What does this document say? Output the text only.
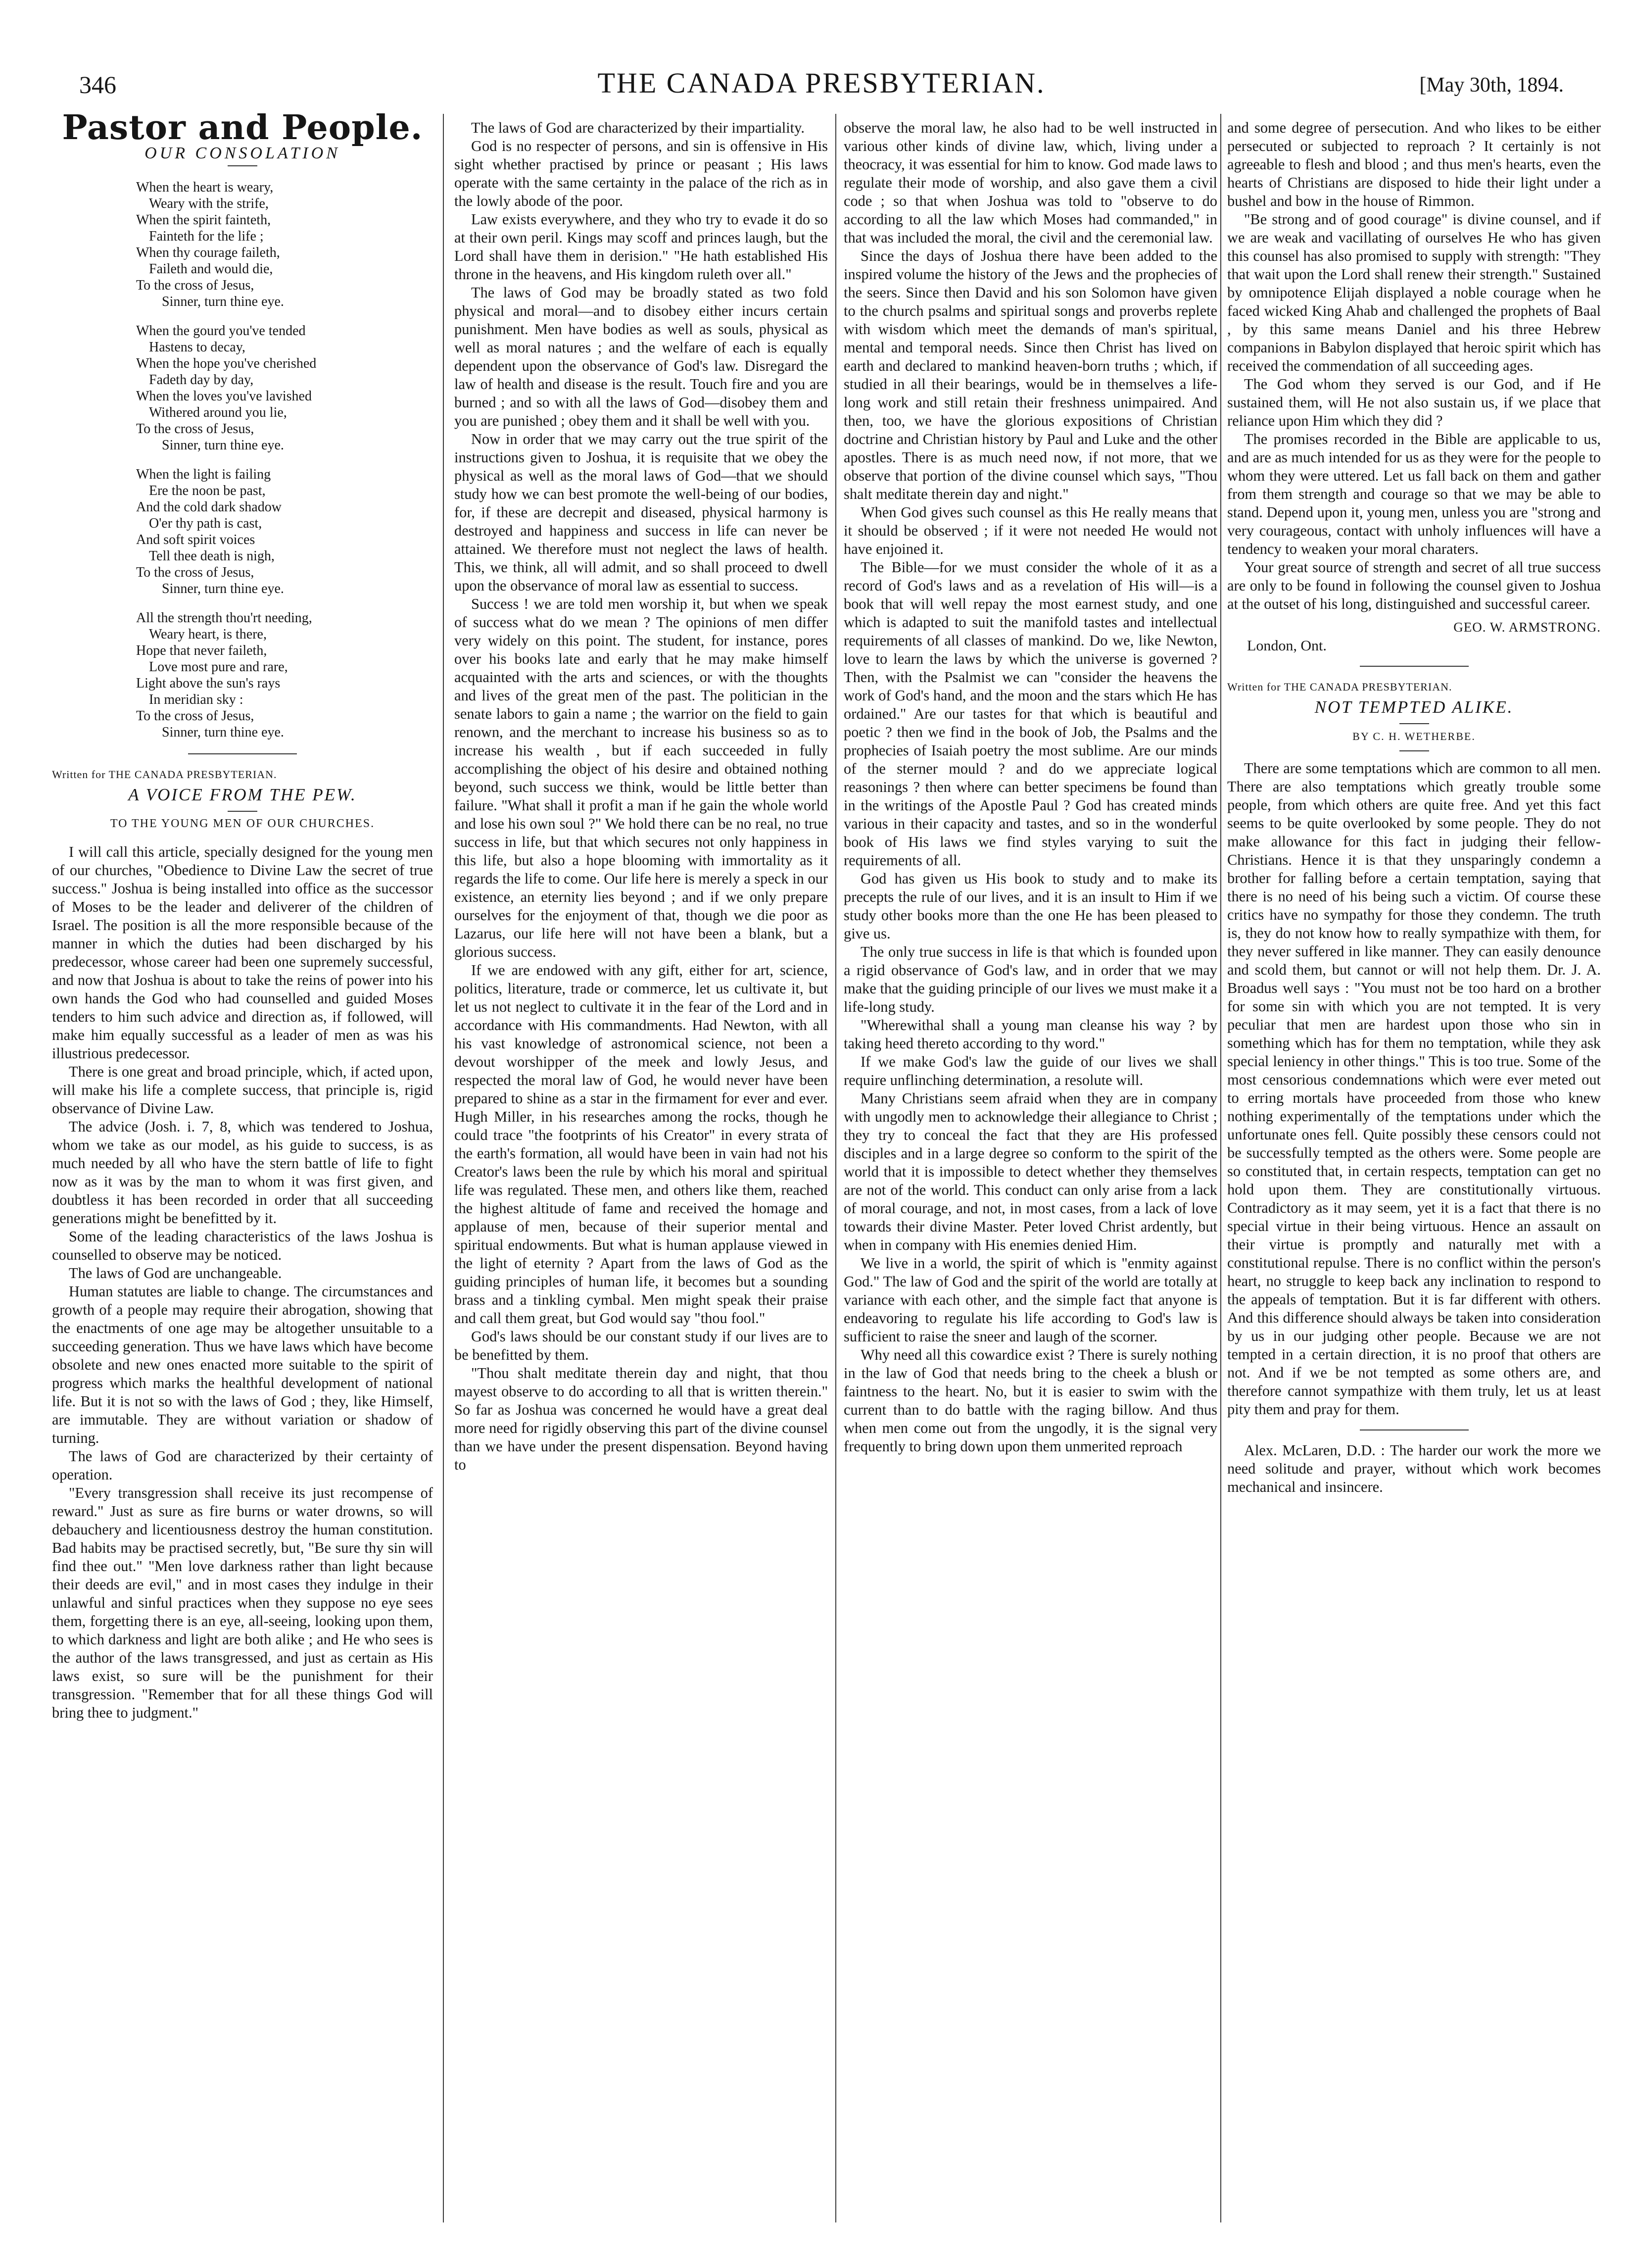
346	THE CANADA PRESBYTERIAN.	[May 30th, 1894.
Pastor and People.
OUR CONSOLATION
When the heart is weary,
Weary with the strife,
When the spirit fainteth,
Fainteth for the life ;
When thy courage faileth,
Faileth and would die,
To the cross of Jesus,
Sinner, turn thine eye.
When the gourd you've tended
Hastens to decay,
When the hope you've cherished
Fadeth day by day,
When the loves you've lavished
Withered around you lie,
To the cross of Jesus,
Sinner, turn thine eye.
When the light is failing
Ere the noon be past,
And the cold dark shadow
O'er thy path is cast,
And soft spirit voices
Tell thee death is nigh,
To the cross of Jesus,
Sinner, turn thine eye.
All the strength thou'rt needing,
Weary heart, is there,
Hope that never faileth,
Love most pure and rare,
Light above the sun's rays
In meridian sky :
To the cross of Jesus,
Sinner, turn thine eye.
Written for THE CANADA PRESBYTERIAN.
A VOICE FROM THE PEW.
TO THE YOUNG MEN OF OUR CHURCHES.

I will call this article, specially designed for the young men of our churches, "Obedience to Divine Law the secret of true success." Joshua is being installed into office as the successor of Moses to be the leader and deliverer of the children of Israel. The position is all the more responsible because of the manner in which the duties had been discharged by his predecessor, whose career had been one supremely successful, and now that Joshua is about to take the reins of power into his own hands the God who had counselled and guided Moses tenders to him such advice and direction as, if followed, will make him equally successful as a leader of men as was his illustrious predecessor.

There is one great and broad principle, which, if acted upon, will make his life a complete success, that principle is, rigid observance of Divine Law.

The advice (Josh. i. 7, 8, which was tendered to Joshua, whom we take as our model, as his guide to success, is as much needed by all who have the stern battle of life to fight now as it was by the man to whom it was first given, and doubtless it has been recorded in order that all succeeding generations might be benefitted by it.

Some of the leading characteristics of the laws Joshua is counselled to observe may be noticed.

The laws of God are unchangeable.

Human statutes are liable to change. The circumstances and growth of a people may require their abrogation, showing that the enactments of one age may be altogether unsuitable to a succeeding generation. Thus we have laws which have become obsolete and new ones enacted more suitable to the spirit of progress which marks the healthful development of national life. But it is not so with the laws of God ; they, like Himself, are immutable. They are without variation or shadow of turning.

The laws of God are characterized by their certainty of operation.

"Every transgression shall receive its just recompense of reward." Just as sure as fire burns or water drowns, so will debauchery and licentiousness destroy the human constitution. Bad habits may be practised secretly, but, "Be sure thy sin will find thee out." "Men love darkness rather than light because their deeds are evil," and in most cases they indulge in their unlawful and sinful practices when they suppose no eye sees them, forgetting there is an eye, all-seeing, looking upon them, to which darkness and light are both alike ; and He who sees is the author of the laws transgressed, and just as certain as His laws exist, so sure will be the punishment for their transgression. "Remember that for all these things God will bring thee to judgment."

The laws of God are characterized by their impartiality.

God is no respecter of persons, and sin is offensive in His sight whether practised by prince or peasant ; His laws operate with the same certainty in the palace of the rich as in the lowly abode of the poor.

Law exists everywhere, and they who try to evade it do so at their own peril. Kings may scoff and princes laugh, but the Lord shall have them in derision." "He hath established His throne in the heavens, and His kingdom ruleth over all."

The laws of God may be broadly stated as two fold physical and moral—and to disobey either incurs certain punishment. Men have bodies as well as souls, physical as well as moral natures ; and the welfare of each is equally dependent upon the observance of God's law. Disregard the law of health and disease is the result. Touch fire and you are burned ; and so with all the laws of God—disobey them and you are punished ; obey them and it shall be well with you.

Now in order that we may carry out the true spirit of the instructions given to Joshua, it is requisite that we obey the physical as well as the moral laws of God—that we should study how we can best promote the well-being of our bodies, for, if these are decrepit and diseased, physical harmony is destroyed and happiness and success in life can never be attained. We therefore must not neglect the laws of health. This, we think, all will admit, and so shall proceed to dwell upon the observance of moral law as essential to success.

Success ! we are told men worship it, but when we speak of success what do we mean ? The opinions of men differ very widely on this point. The student, for instance, pores over his books late and early that he may make himself acquainted with the arts and sciences, or with the thoughts and lives of the great men of the past. The politician in the senate labors to gain a name ; the warrior on the field to gain renown, and the merchant to increase his business so as to increase his wealth , but if each succeeded in fully accomplishing the object of his desire and obtained nothing beyond, such success we think, would be little better than failure. "What shall it profit a man if he gain the whole world and lose his own soul ?" We hold there can be no real, no true success in life, but that which secures not only happiness in this life, but also a hope blooming with immortality as it regards the life to come. Our life here is merely a speck in our existence, an eternity lies beyond ; and if we only prepare ourselves for the enjoyment of that, though we die poor as Lazarus, our life here will not have been a blank, but a glorious success.

If we are endowed with any gift, either for art, science, politics, literature, trade or commerce, let us cultivate it, but let us not neglect to cultivate it in the fear of the Lord and in accordance with His commandments. Had Newton, with all his vast knowledge of astronomical science, not been a devout worshipper of the meek and lowly Jesus, and respected the moral law of God, he would never have been prepared to shine as a star in the firmament for ever and ever. Hugh Miller, in his researches among the rocks, though he could trace "the footprints of his Creator" in every strata of the earth's formation, all would have been in vain had not his Creator's laws been the rule by which his moral and spiritual life was regulated. These men, and others like them, reached the highest altitude of fame and received the homage and applause of men, because of their superior mental and spiritual endowments. But what is human applause viewed in the light of eternity ? Apart from the laws of God as the guiding principles of human life, it becomes but a sounding brass and a tinkling cymbal. Men might speak their praise and call them great, but God would say "thou fool."

God's laws should be our constant study if our lives are to be benefitted by them.

"Thou shalt meditate therein day and night, that thou mayest observe to do according to all that is written therein." So far as Joshua was concerned he would have a great deal more need for rigidly observing this part of the divine counsel than we have under the present dispensation. Beyond having to

observe the moral law, he also had to be well instructed in various other kinds of divine law, which, living under a theocracy, it was essential for him to know. God made laws to regulate their mode of worship, and also gave them a civil code ; so that when Joshua was told to "observe to do according to all the law which Moses had commanded," in that was included the moral, the civil and the ceremonial law.

Since the days of Joshua there have been added to the inspired volume the history of the Jews and the prophecies of the seers. Since then David and his son Solomon have given to the church psalms and spiritual songs and proverbs replete with wisdom which meet the demands of man's spiritual, mental and temporal needs. Since then Christ has lived on earth and declared to mankind heaven-born truths ; which, if studied in all their bearings, would be in themselves a life-long work and still retain their freshness unimpaired. And then, too, we have the glorious expositions of Christian doctrine and Christian history by Paul and Luke and the other apostles. There is as much need now, if not more, that we observe that portion of the divine counsel which says, "Thou shalt meditate therein day and night."

When God gives such counsel as this He really means that it should be observed ; if it were not needed He would not have enjoined it.

The Bible—for we must consider the whole of it as a record of God's laws and as a revelation of His will—is a book that will well repay the most earnest study, and one which is adapted to suit the manifold tastes and intellectual requirements of all classes of mankind. Do we, like Newton, love to learn the laws by which the universe is governed ? Then, with the Psalmist we can "consider the heavens the work of God's hand, and the moon and the stars which He has ordained." Are our tastes for that which is beautiful and poetic ? then we find in the book of Job, the Psalms and the prophecies of Isaiah poetry the most sublime. Are our minds of the sterner mould ? and do we appreciate logical reasonings ? then where can better specimens be found than in the writings of the Apostle Paul ? God has created minds various in their capacity and tastes, and so in the wonderful book of His laws we find styles varying to suit the requirements of all.

God has given us His book to study and to make its precepts the rule of our lives, and it is an insult to Him if we study other books more than the one He has been pleased to give us.

The only true success in life is that which is founded upon a rigid observance of God's law, and in order that we may make that the guiding principle of our lives we must make it a life-long study.

"Wherewithal shall a young man cleanse his way ? by taking heed thereto according to thy word."

If we make God's law the guide of our lives we shall require unflinching determination, a resolute will.

Many Christians seem afraid when they are in company with ungodly men to acknowledge their allegiance to Christ ; they try to conceal the fact that they are His professed disciples and in a large degree so conform to the spirit of the world that it is impossible to detect whether they themselves are not of the world. This conduct can only arise from a lack of moral courage, and not, in most cases, from a lack of love towards their divine Master. Peter loved Christ ardently, but when in company with His enemies denied Him.

We live in a world, the spirit of which is "enmity against God." The law of God and the spirit of the world are totally at variance with each other, and the simple fact that anyone is endeavoring to regulate his life according to God's law is sufficient to raise the sneer and laugh of the scorner.

Why need all this cowardice exist ? There is surely nothing in the law of God that needs bring to the cheek a blush or faintness to the heart. No, but it is easier to swim with the current than to do battle with the raging billow. And thus when men come out from the ungodly, it is the signal very frequently to bring down upon them unmerited reproach

and some degree of persecution. And who likes to be either persecuted or subjected to reproach ? It certainly is not agreeable to flesh and blood ; and thus men's hearts, even the hearts of Christians are disposed to hide their light under a bushel and bow in the house of Rimmon.

"Be strong and of good courage" is divine counsel, and if we are weak and vacillating of ourselves He who has given this counsel has also promised to supply with strength: "They that wait upon the Lord shall renew their strength." Sustained by omnipotence Elijah displayed a noble courage when he faced wicked King Ahab and challenged the prophets of Baal , by this same means Daniel and his three Hebrew companions in Babylon displayed that heroic spirit which has received the commendation of all succeeding ages.

The God whom they served is our God, and if He sustained them, will He not also sustain us, if we place that reliance upon Him which they did ?

The promises recorded in the Bible are applicable to us, and are as much intended for us as they were for the people to whom they were uttered. Let us fall back on them and gather from them strength and courage so that we may be able to stand. Depend upon it, young men, unless you are "strong and very courageous, contact with unholy influences will have a tendency to weaken your moral charaters.

Your great source of strength and secret of all true success are only to be found in following the counsel given to Joshua at the outset of his long, distinguished and successful career.

GEO. W. ARMSTRONG.
London, Ont.
Written for THE CANADA PRESBYTERIAN.
NOT TEMPTED ALIKE.
BY C. H. WETHERBE.

There are some temptations which are common to all men. There are also temptations which greatly trouble some people, from which others are quite free. And yet this fact seems to be quite overlooked by some people. They do not make allowance for this fact in judging their fellow-Christians. Hence it is that they unsparingly condemn a brother for falling before a certain temptation, saying that there is no need of his being such a victim. Of course these critics have no sympathy for those they condemn. The truth is, they do not know how to really sympathize with them, for they never suffered in like manner. They can easily denounce and scold them, but cannot or will not help them. Dr. J. A. Broadus well says : "You must not be too hard on a brother for some sin with which you are not tempted. It is very peculiar that men are hardest upon those who sin in something which has for them no temptation, while they ask special leniency in other things." This is too true. Some of the most censorious condemnations which were ever meted out to erring mortals have proceeded from those who knew nothing experimentally of the temptations under which the unfortunate ones fell. Quite possibly these censors could not be successfully tempted as the others were. Some people are so constituted that, in certain respects, temptation can get no hold upon them. They are constitutionally virtuous. Contradictory as it may seem, yet it is a fact that there is no special virtue in their being virtuous. Hence an assault on their virtue is promptly and naturally met with a constitutional repulse. There is no conflict within the person's heart, no struggle to keep back any inclination to respond to the appeals of temptation. But it is far different with others. And this difference should always be taken into consideration by us in our judging other people. Because we are not tempted in a certain direction, it is no proof that others are not. And if we be not tempted as some others are, and therefore cannot sympathize with them truly, let us at least pity them and pray for them.

Alex. McLaren, D.D. : The harder our work the more we need solitude and prayer, without which work becomes mechanical and insincere.
